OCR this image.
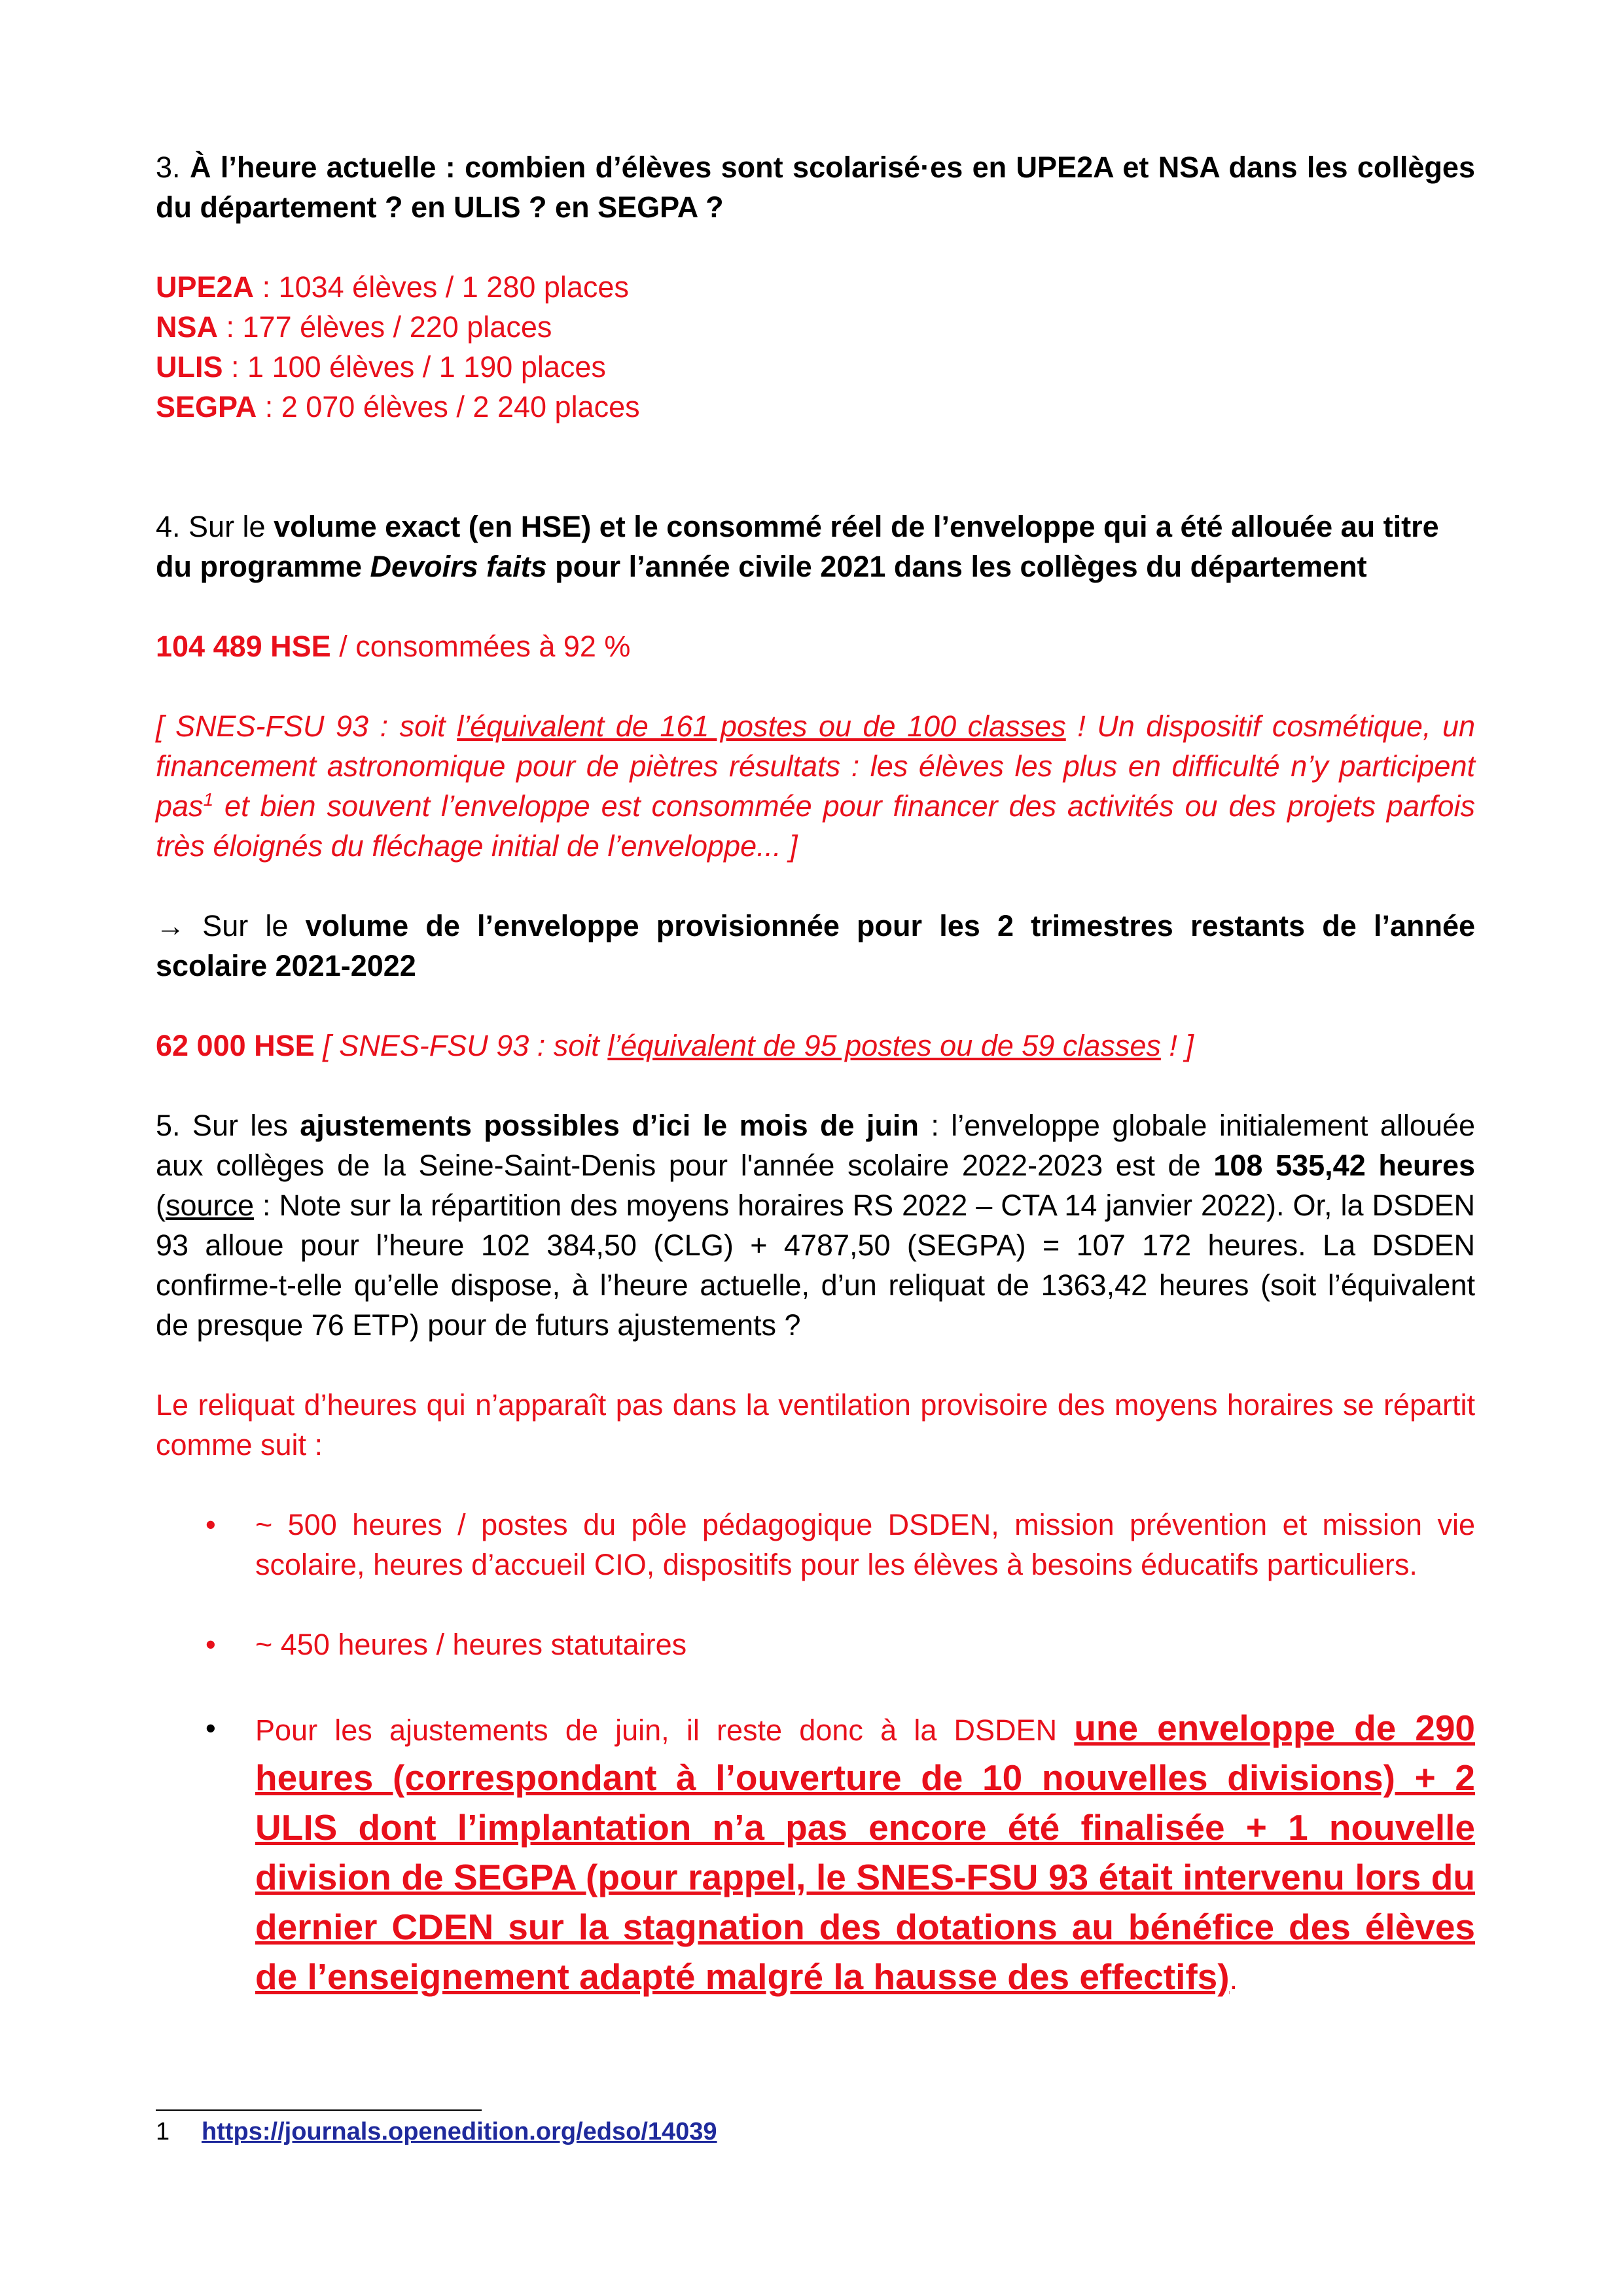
3. À l’heure actuelle : combien d’élèves sont scolarisé·es en UPE2A et NSA dans les collèges du département ? en ULIS ? en SEGPA ?

UPE2A : 1034 élèves / 1 280 places
NSA : 177 élèves / 220 places
ULIS : 1 100 élèves / 1 190 places
SEGPA : 2 070 élèves / 2 240 places

4. Sur le volume exact (en HSE) et le consommé réel de l’enveloppe qui a été allouée au titre du programme Devoirs faits pour l’année civile 2021 dans les collèges du département

104 489 HSE / consommées à 92 %

[ SNES-FSU 93 : soit l’équivalent de 161 postes ou de 100 classes ! Un dispositif cosmétique, un financement astronomique pour de piètres résultats : les élèves les plus en difficulté n’y participent pas$^1$ et bien souvent l’enveloppe est consommée pour financer des activités ou des projets parfois très éloignés du fléchage initial de l’enveloppe... ]

→ Sur le volume de l’enveloppe provisionnée pour les 2 trimestres restants de l’année scolaire 2021-2022

62 000 HSE [ SNES-FSU 93 : soit l’équivalent de 95 postes ou de 59 classes ! ]

5. Sur les ajustements possibles d’ici le mois de juin : l’enveloppe globale initialement allouée aux collèges de la Seine-Saint-Denis pour l'année scolaire 2022-2023 est de 108 535,42 heures (source : Note sur la répartition des moyens horaires RS 2022 – CTA 14 janvier 2022). Or, la DSDEN 93 alloue pour l’heure 102 384,50 (CLG) + 4787,50 (SEGPA) = 107 172 heures. La DSDEN confirme-t-elle qu’elle dispose, à l’heure actuelle, d’un reliquat de 1363,42 heures (soit l’équivalent de presque 76 ETP) pour de futurs ajustements ?

Le reliquat d’heures qui n’apparaît pas dans la ventilation provisoire des moyens horaires se répartit comme suit :

• ~ 500 heures / postes du pôle pédagogique DSDEN, mission prévention et mission vie scolaire, heures d’accueil CIO, dispositifs pour les élèves à besoins éducatifs particuliers.
• ~ 450 heures / heures statutaires
• Pour les ajustements de juin, il reste donc à la DSDEN une enveloppe de 290 heures (correspondant à l’ouverture de 10 nouvelles divisions) + 2 ULIS dont l’implantation n’a pas encore été finalisée + 1 nouvelle division de SEGPA (pour rappel, le SNES-FSU 93 était intervenu lors du dernier CDEN sur la stagnation des dotations au bénéfice des élèves de l’enseignement adapté malgré la hausse des effectifs).
1 https://journals.openedition.org/edso/14039
